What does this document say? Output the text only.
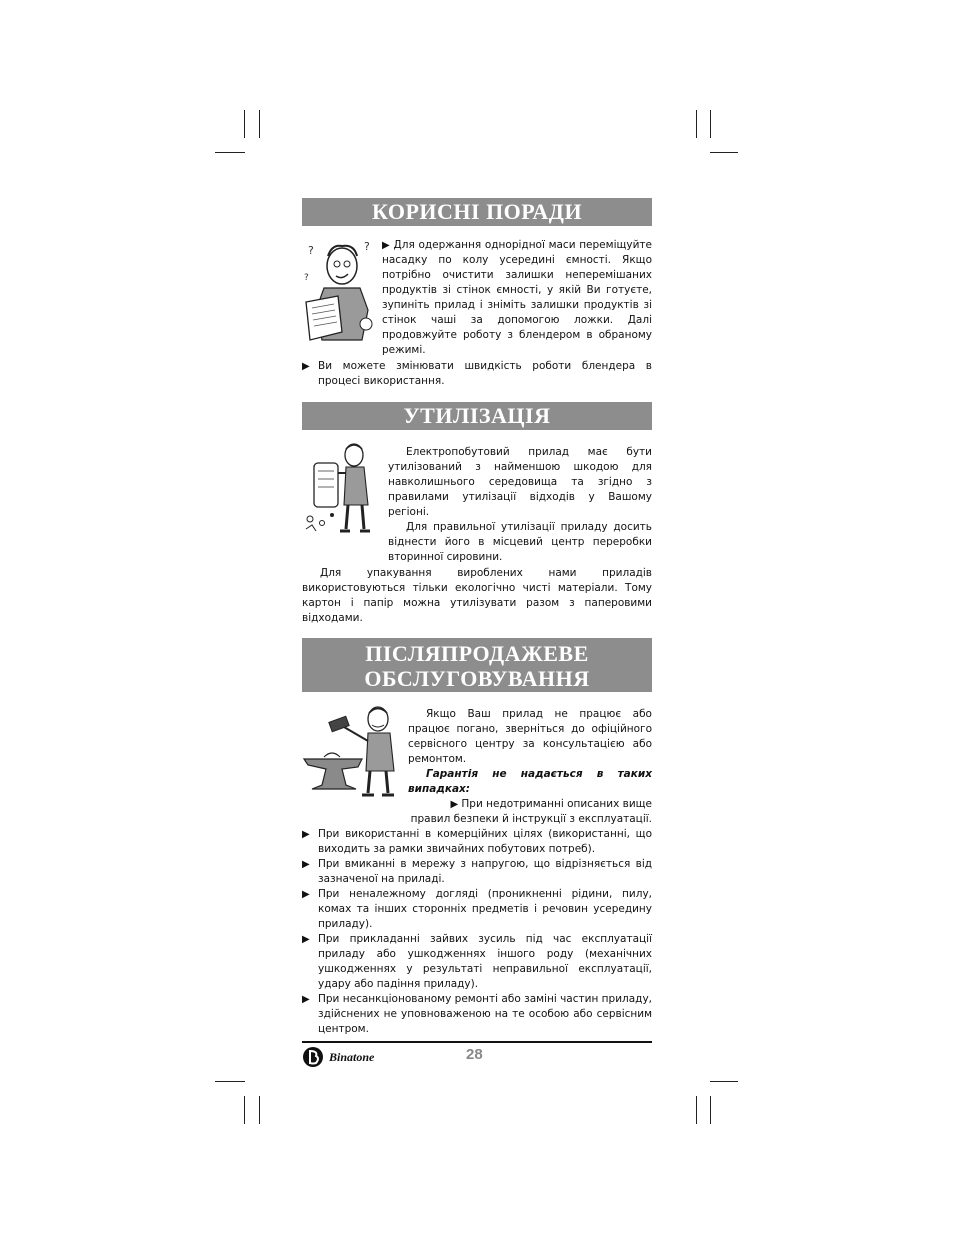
КОРИСНІ ПОРАДИ
?	?
?
▶ Для одержання однорідної маси переміщуйте насадку по колу усередині ємності. Якщо потрібно очистити залишки неперемішаних продуктів зі стінок ємності, у якій Ви готуєте, зупиніть прилад і зніміть залишки продуктів зі стінок чаші за допомогою ложки. Далі продовжуйте роботу з блендером в обраному режимі.
▶ Ви можете змінювати швидкість роботи блендера в процесі використання.
УТИЛІЗАЦІЯ
Електропобутовий прилад має бути утилізований з найменшою шкодою для навколишнього середовища та згідно з правилами утилізації відходів у Вашому регіоні.
Для правильної утилізації приладу досить віднести його в місцевий центр переробки вторинної сировини.
Для упакування вироблених нами приладів використовуються тільки екологічно чисті матеріали. Тому картон і папір можна утилізувати разом з паперовими відходами.
ПІСЛЯПРОДАЖЕВЕ
ОБСЛУГОВУВАННЯ
Якщо Ваш прилад не працює або працює погано, зверніться до офіційного сервісного центру за консультацією або ремонтом.
Гарантія не надається в таких випадках:
▶ При недотриманні описаних вище правил безпеки й інструкції з експлуатації.
▶ При використанні в комерційних цілях (використанні, що виходить за рамки звичайних побутових потреб).
▶ При вмиканні в мережу з напругою, що відрізняється від зазначеної на приладі.
▶ При неналежному догляді (проникненні рідини, пилу, комах та інших сторонніх предметів і речовин усередину приладу).
▶ При прикладанні зайвих зусиль під час експлуатації приладу або ушкодженнях іншого роду (механічних ушкодженнях у результаті неправильної експлуатації, удару або падіння приладу).
▶ При несанкціонованому ремонті або заміні частин приладу, здійснених не уповноваженою на те особою або сервісним центром.
Binatone	28
